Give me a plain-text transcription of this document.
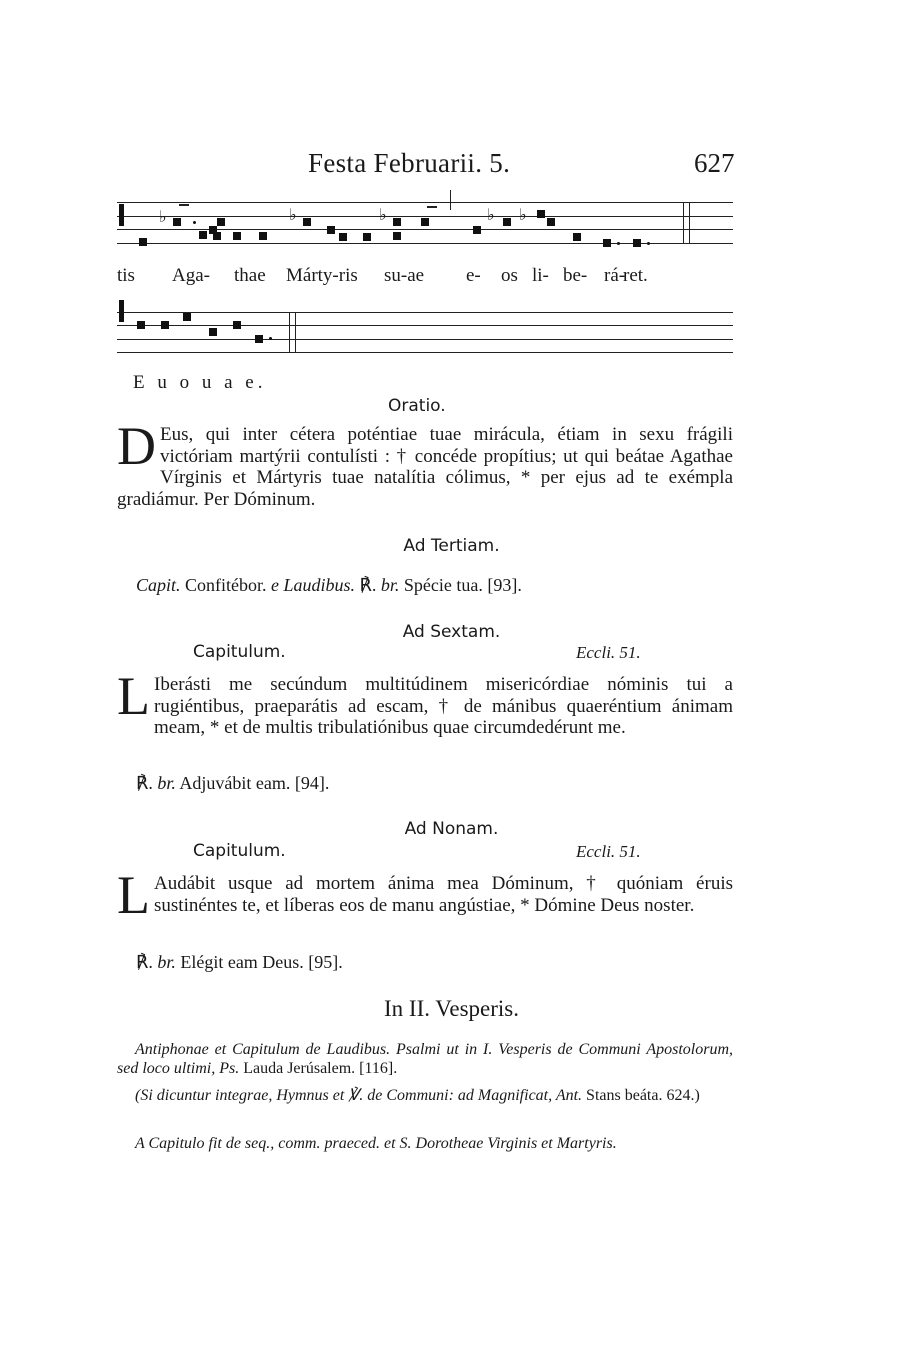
Festa Februarii. 5.	627
♭	♭	♭	♭ ♭
tis Aga- thae Márty-ris su-ae e- os li- be- rá-
ret.
E u o u a e.
Oratio.
D Eus, qui inter cétera poténtiae tuae mirácula, étiam in sexu frágili victóriam martýrii contulísti : † concéde propítius; ut qui beátae Agathae Vírginis et Mártyris tuae natalítia cólimus, * per ejus ad te exémpla gradiámur. Per Dóminum.
Ad Tertiam.
Capit. Confitébor. e Laudibus. ℟. br. Spécie tua. [93].
Ad Sextam.
Capitulum.	Eccli. 51.
L Iberásti me secúndum multitúdinem misericórdiae nóminis tui a rugiéntibus, praeparátis ad escam, † de mánibus quaeréntium ánimam meam, * et de multis tribulatiónibus quae circumdedérunt me.
℟. br. Adjuvábit eam. [94].
Ad Nonam.
Capitulum.	Eccli. 51.
L Audábit usque ad mortem ánima mea Dóminum, † quóniam éruis sustinéntes te, et líberas eos de manu angústiae, * Dómine Deus noster.
℟. br. Elégit eam Deus. [95].
In II. Vesperis.
Antiphonae et Capitulum de Laudibus. Psalmi ut in I. Vesperis de Communi Apostolorum, sed loco ultimi, Ps. Lauda Jerúsalem. [116].
(Si dicuntur integrae, Hymnus et ℣. de Communi: ad Magnificat, Ant. Stans beáta. 624.)
A Capitulo fit de seq., comm. praeced. et S. Dorotheae Virginis et Martyris.
